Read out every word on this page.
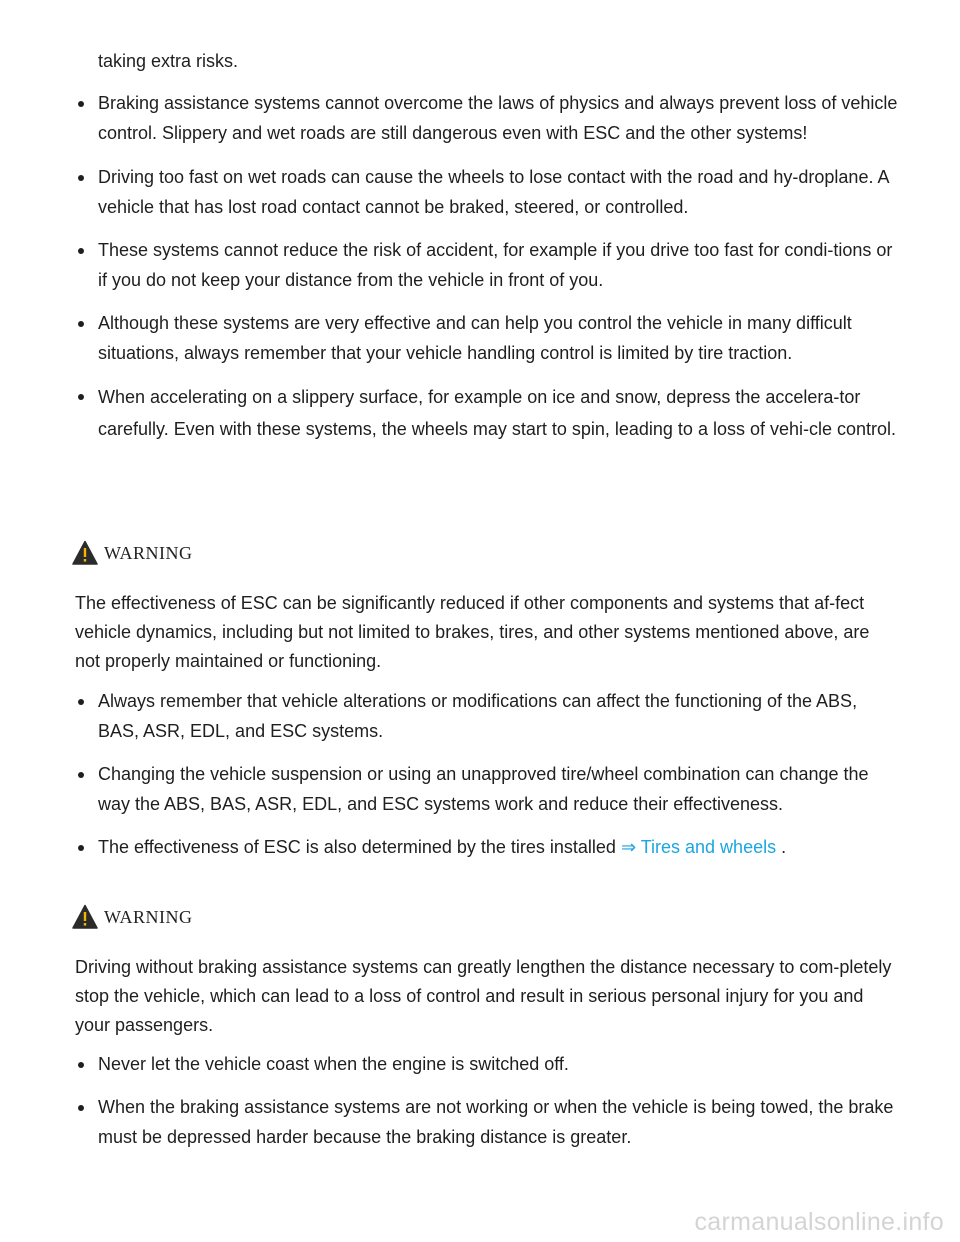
taking extra risks.

Braking assistance systems cannot overcome the laws of physics and always prevent loss of vehicle control. Slippery and wet roads are still dangerous even with ESC and the other systems!
Driving too fast on wet roads can cause the wheels to lose contact with the road and hy-droplane. A vehicle that has lost road contact cannot be braked, steered, or controlled.
These systems cannot reduce the risk of accident, for example if you drive too fast for condi-tions or if you do not keep your distance from the vehicle in front of you.
Although these systems are very effective and can help you control the vehicle in many difficult situations, always remember that your vehicle handling control is limited by tire traction.
When accelerating on a slippery surface, for example on ice and snow, depress the accelera-tor carefully. Even with these systems, the wheels may start to spin, leading to a loss of vehi-cle control.
WARNING

The effectiveness of ESC can be significantly reduced if other components and systems that af-fect vehicle dynamics, including but not limited to brakes, tires, and other systems mentioned above, are not properly maintained or functioning.

Always remember that vehicle alterations or modifications can affect the functioning of the ABS, BAS, ASR, EDL, and ESC systems.
Changing the vehicle suspension or using an unapproved tire/wheel combination can change the way the ABS, BAS, ASR, EDL, and ESC systems work and reduce their effectiveness.
The effectiveness of ESC is also determined by the tires installed ⇒ Tires and wheels .
WARNING

Driving without braking assistance systems can greatly lengthen the distance necessary to com-pletely stop the vehicle, which can lead to a loss of control and result in serious personal injury for you and your passengers.

Never let the vehicle coast when the engine is switched off.
When the braking assistance systems are not working or when the vehicle is being towed, the brake must be depressed harder because the braking distance is greater.
carmanualsonline.info
